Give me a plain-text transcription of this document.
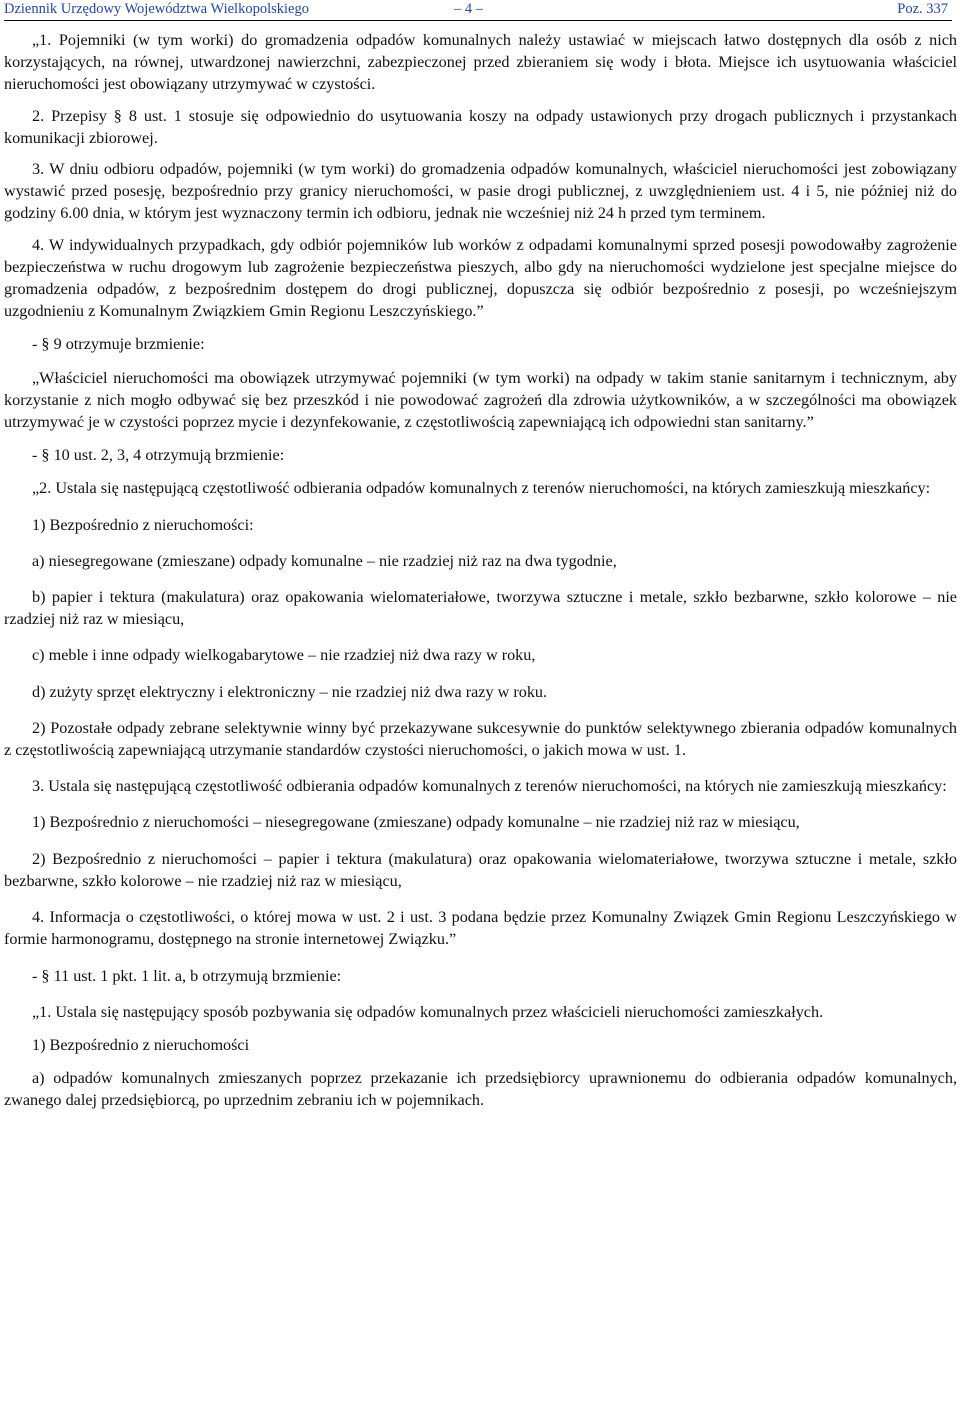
Dziennik Urzędowy Województwa Wielkopolskiego	– 4 –	Poz. 337

„1. Pojemniki (w tym worki) do gromadzenia odpadów komunalnych należy ustawiać w miejscach łatwo dostępnych dla osób z nich korzystających, na równej, utwardzonej nawierzchni, zabezpieczonej przed zbieraniem się wody i błota. Miejsce ich usytuowania właściciel nieruchomości jest obowiązany utrzymywać w czystości.

2. Przepisy § 8 ust. 1 stosuje się odpowiednio do usytuowania koszy na odpady ustawionych przy drogach publicznych i przystankach komunikacji zbiorowej.

3. W dniu odbioru odpadów, pojemniki (w tym worki) do gromadzenia odpadów komunalnych, właściciel nieruchomości jest zobowiązany wystawić przed posesję, bezpośrednio przy granicy nieruchomości, w pasie drogi publicznej, z uwzględnieniem ust. 4 i 5, nie później niż do godziny 6.00 dnia, w którym jest wyznaczony termin ich odbioru, jednak nie wcześniej niż 24 h przed tym terminem.

4. W indywidualnych przypadkach, gdy odbiór pojemników lub worków z odpadami komunalnymi sprzed posesji powodowałby zagrożenie bezpieczeństwa w ruchu drogowym lub zagrożenie bezpieczeństwa pieszych, albo gdy na nieruchomości wydzielone jest specjalne miejsce do gromadzenia odpadów, z bezpośrednim dostępem do drogi publicznej, dopuszcza się odbiór bezpośrednio z posesji, po wcześniejszym uzgodnieniu z Komunalnym Związkiem Gmin Regionu Leszczyńskiego.”

- § 9 otrzymuje brzmienie:

„Właściciel nieruchomości ma obowiązek utrzymywać pojemniki (w tym worki) na odpady w takim stanie sanitarnym i technicznym, aby korzystanie z nich mogło odbywać się bez przeszkód i nie powodować zagrożeń dla zdrowia użytkowników, a w szczególności ma obowiązek utrzymywać je w czystości poprzez mycie i dezynfekowanie, z częstotliwością zapewniającą ich odpowiedni stan sanitarny.”

- § 10 ust. 2, 3, 4 otrzymują brzmienie:

„2. Ustala się następującą częstotliwość odbierania odpadów komunalnych z terenów nieruchomości, na których zamieszkują mieszkańcy:

1) Bezpośrednio z nieruchomości:

a) niesegregowane (zmieszane) odpady komunalne – nie rzadziej niż raz na dwa tygodnie,

b) papier i tektura (makulatura) oraz opakowania wielomateriałowe, tworzywa sztuczne i metale, szkło bezbarwne, szkło kolorowe – nie rzadziej niż raz w miesiącu,

c) meble i inne odpady wielkogabarytowe – nie rzadziej niż dwa razy w roku,

d) zużyty sprzęt elektryczny i elektroniczny – nie rzadziej niż dwa razy w roku.

2) Pozostałe odpady zebrane selektywnie winny być przekazywane sukcesywnie do punktów selektywnego zbierania odpadów komunalnych z częstotliwością zapewniającą utrzymanie standardów czystości nieruchomości, o jakich mowa w ust. 1.

3. Ustala się następującą częstotliwość odbierania odpadów komunalnych z terenów nieruchomości, na których nie zamieszkują mieszkańcy:

1) Bezpośrednio z nieruchomości – niesegregowane (zmieszane) odpady komunalne – nie rzadziej niż raz w miesiącu,

2) Bezpośrednio z nieruchomości – papier i tektura (makulatura) oraz opakowania wielomateriałowe, tworzywa sztuczne i metale, szkło bezbarwne, szkło kolorowe – nie rzadziej niż raz w miesiącu,

4. Informacja o częstotliwości, o której mowa w ust. 2 i ust. 3 podana będzie przez Komunalny Związek Gmin Regionu Leszczyńskiego w formie harmonogramu, dostępnego na stronie internetowej Związku.”

- § 11 ust. 1 pkt. 1 lit. a, b otrzymują brzmienie:

„1. Ustala się następujący sposób pozbywania się odpadów komunalnych przez właścicieli nieruchomości zamieszkałych.

1) Bezpośrednio z nieruchomości

a) odpadów komunalnych zmieszanych poprzez przekazanie ich przedsiębiorcy uprawnionemu do odbierania odpadów komunalnych, zwanego dalej przedsiębiorcą, po uprzednim zebraniu ich w pojemnikach.
